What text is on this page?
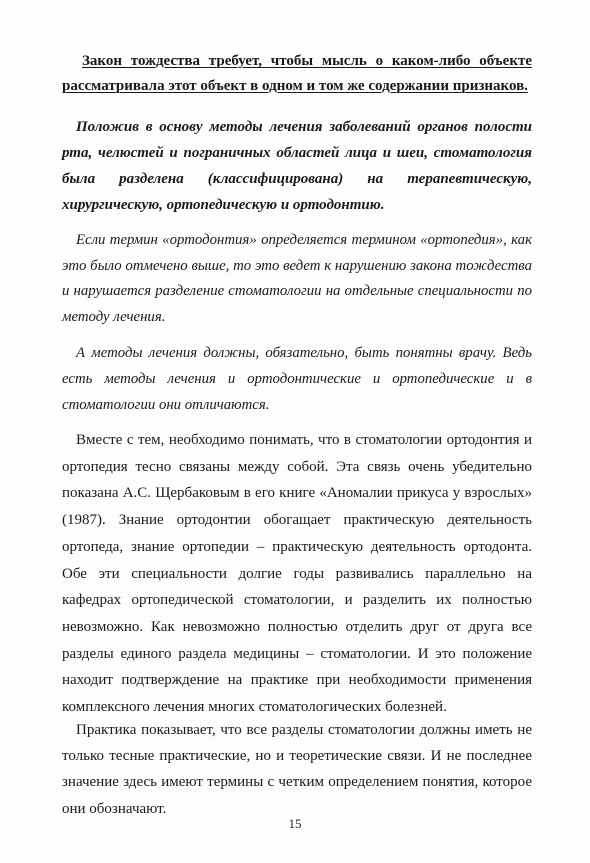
Закон тождества требует, чтобы мысль о каком-либо объекте рассматривала этот объект в одном и том же содержании признаков.

Положив в основу методы лечения заболеваний органов полости рта, челюстей и пограничных областей лица и шеи, стоматология была разделена (классифицирована) на терапевтическую, хирургическую, ортопедическую и ортодонтию.

Если термин «ортодонтия» определяется термином «ортопедия», как это было отмечено выше, то это ведет к нарушению закона тождества и нарушается разделение стоматологии на отдельные специальности по методу лечения.

А методы лечения должны, обязательно, быть понятны врачу. Ведь есть методы лечения и ортодонтические и ортопедические и в стоматологии они отличаются.

Вместе с тем, необходимо понимать, что в стоматологии ортодонтия и ортопедия тесно связаны между собой. Эта связь очень убедительно показана А.С. Щербаковым в его книге «Аномалии прикуса у взрослых» (1987). Знание ортодонтии обогащает практическую деятельность ортопеда, знание ортопедии – практическую деятельность ортодонта. Обе эти специальности долгие годы развивались параллельно на кафедрах ортопедической стоматологии, и разделить их полностью невозможно. Как невозможно полностью отделить друг от друга все разделы единого раздела медицины – стоматологии. И это положение находит подтверждение на практике при необходимости применения комплексного лечения многих стоматологических болезней.

Практика показывает, что все разделы стоматологии должны иметь не только тесные практические, но и теоретические связи. И не последнее значение здесь имеют термины с четким определением понятия, которое они обозначают.

15
